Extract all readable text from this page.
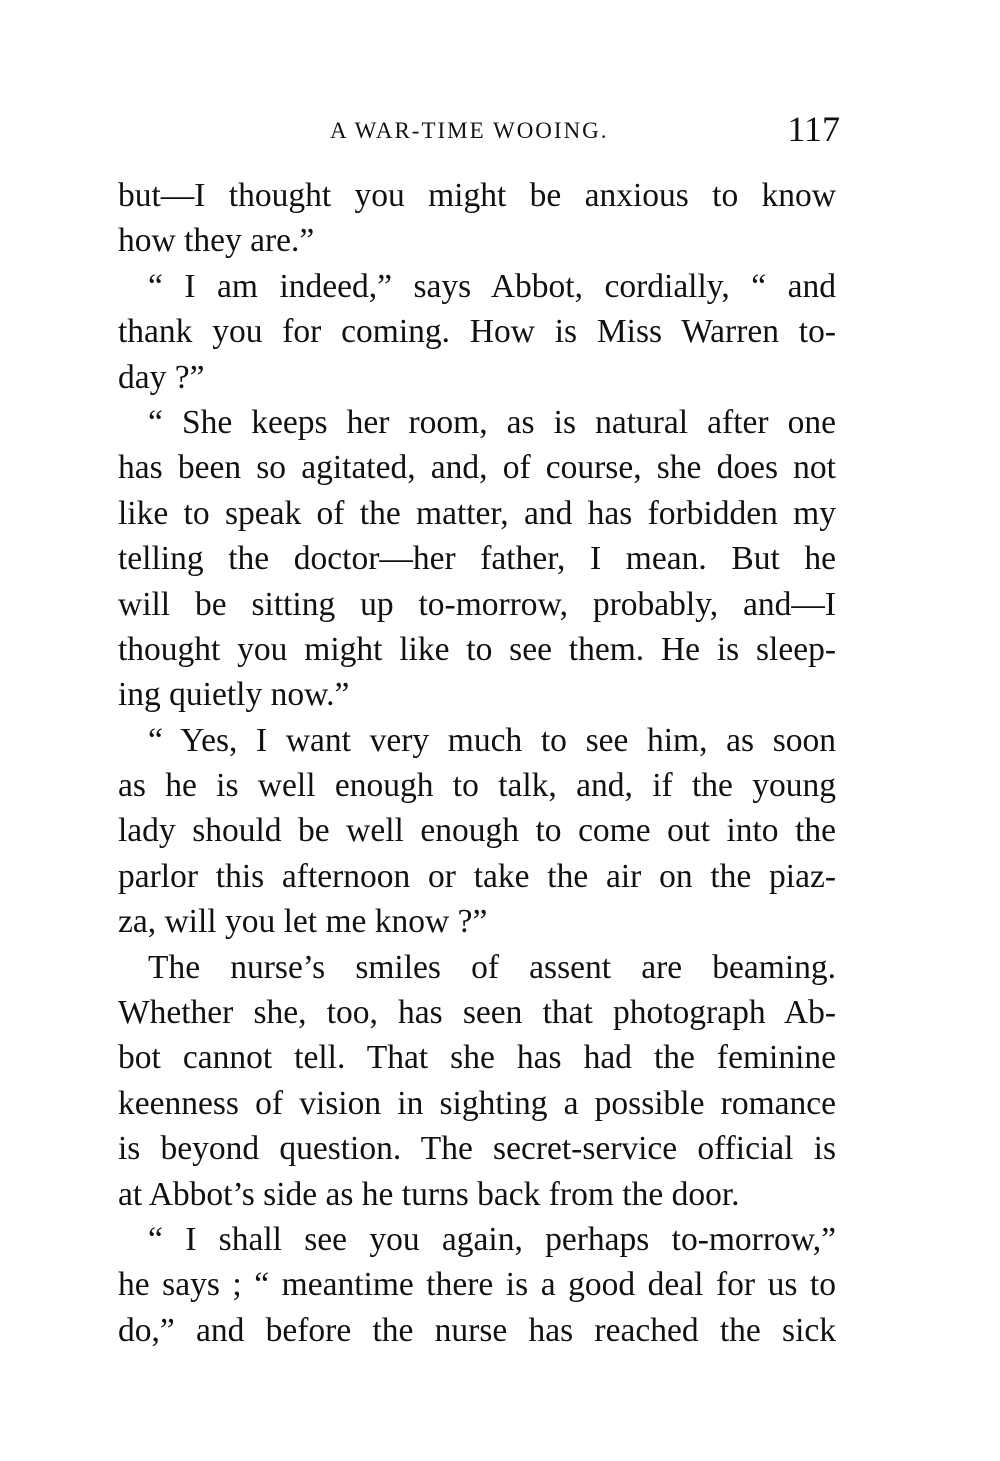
A WAR-TIME WOOING.	117
but—I thought you might be anxious to know
how they are.”
“ I am indeed,” says Abbot, cordially, “ and
thank you for coming. How is Miss Warren to-
day ?”
“ She keeps her room, as is natural after one
has been so agitated, and, of course, she does not
like to speak of the matter, and has forbidden my
telling the doctor—her father, I mean. But he
will be sitting up to-morrow, probably, and—I
thought you might like to see them. He is sleep-
ing quietly now.”
“ Yes, I want very much to see him, as soon
as he is well enough to talk, and, if the young
lady should be well enough to come out into the
parlor this afternoon or take the air on the piaz-
za, will you let me know ?”
The nurse’s smiles of assent are beaming.
Whether she, too, has seen that photograph Ab-
bot cannot tell. That she has had the feminine
keenness of vision in sighting a possible romance
is beyond question. The secret-service official is
at Abbot’s side as he turns back from the door.
“ I shall see you again, perhaps to-morrow,”
he says ; “ meantime there is a good deal for us to
do,” and before the nurse has reached the sick
